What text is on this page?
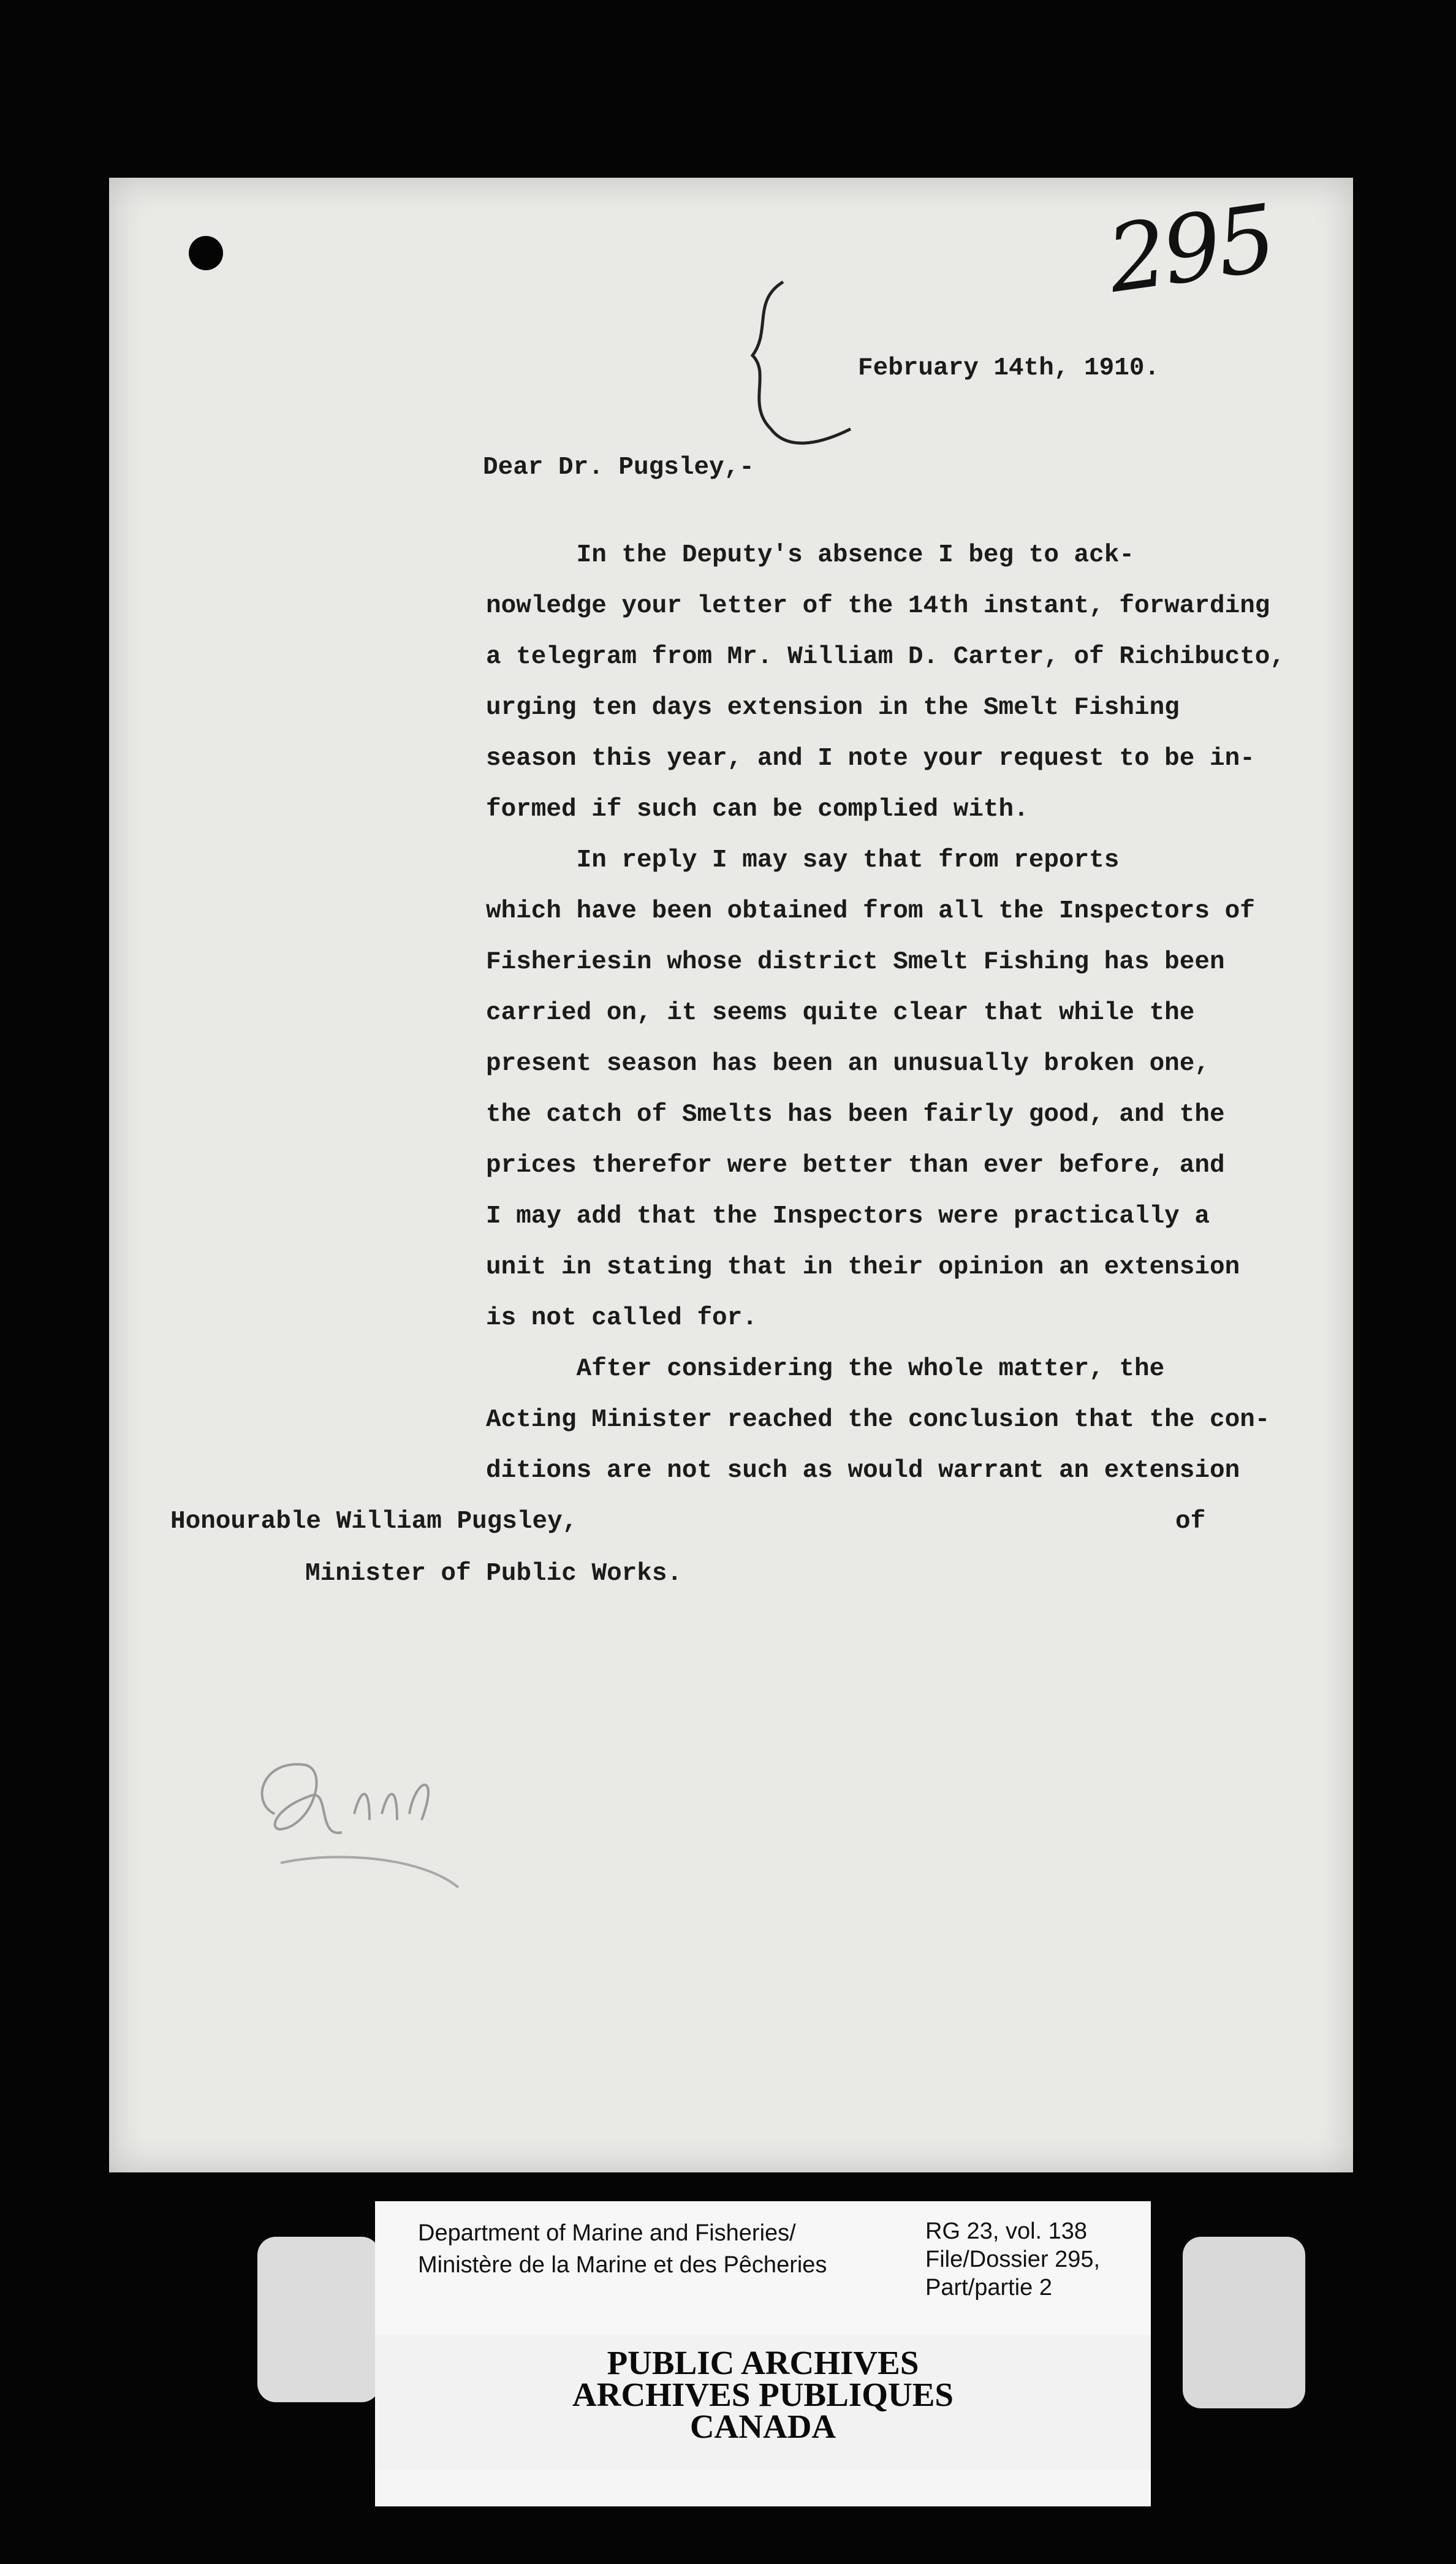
295
February 14th, 1910.
Dear Dr. Pugsley,-
In the Deputy's absence I beg to ack-
nowledge your letter of the 14th instant, forwarding
a telegram from Mr. William D. Carter, of Richibucto,
urging ten days extension in the Smelt Fishing
season this year, and I note your request to be in-
formed if such can be complied with.
In reply I may say that from reports
which have been obtained from all the Inspectors of
Fisheriesin whose district Smelt Fishing has been
carried on, it seems quite clear that while the
present season has been an unusually broken one,
the catch of Smelts has been fairly good, and the
prices therefor were better than ever before, and
I may add that the Inspectors were practically a
unit in stating that in their opinion an extension
is not called for.
After considering the whole matter, the
Acting Minister reached the conclusion that the con-
ditions are not such as would warrant an extension
Honourable William Pugsley,	of
Minister of Public Works.
Department of Marine and Fisheries/
Ministère de la Marine et des Pêcheries
RG 23, vol. 138
File/Dossier 295,
Part/partie 2
PUBLIC ARCHIVES
ARCHIVES PUBLIQUES
CANADA
